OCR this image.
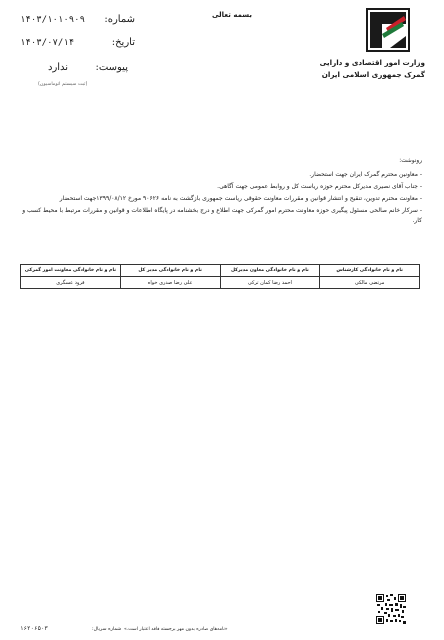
وزارت امور اقتصادی و دارایی
گمرک جمهوری اسلامی ایران
بسمه تعالی
شماره:
۱۴۰۳/۱۰۱۰۹۰۹
تاریخ:
۱۴۰۳/۰۷/۱۴
پیوست:
ندارد
(ثبت سیستم اتوماسیون)
رونوشت:
- معاونین محترم گمرک ایران جهت استحضار.
- جناب آقای نصیری مدیرکل محترم حوزه ریاست کل و روابط عمومی جهت آگاهی.
- معاونت محترم تدوین، تنقیح و انتشار قوانین و مقررات معاونت حقوقی ریاست جمهوری بازگشت به نامه ۹۰۶۲۶ مورخ ۱۳۹۹/۰۸/۱۲جهت استحضار
- سرکار خانم صالحی مسئول پیگیری حوزه معاونت محترم امور گمرکی جهت اطلاع و درج بخشنامه در پایگاه اطلاعات و قوانین و مقررات مرتبط با محیط کسب و کار.
نام و نام خانوادگی کارشناس	نام و نام خانوادگی معاون مدیرکل	نام و نام خانوادگی مدیر کل	نام و نام خانوادگی معاونت امور گمرکی
مرتضی مالکی	احمد رضا کمان ترکی	علی رضا صدری خواه	فرود عسگری
۱۶۲۰۶۵۰۳	شماره سریال: «نامه‌های صادره بدون مهر برجسته فاقد اعتبار است.»
